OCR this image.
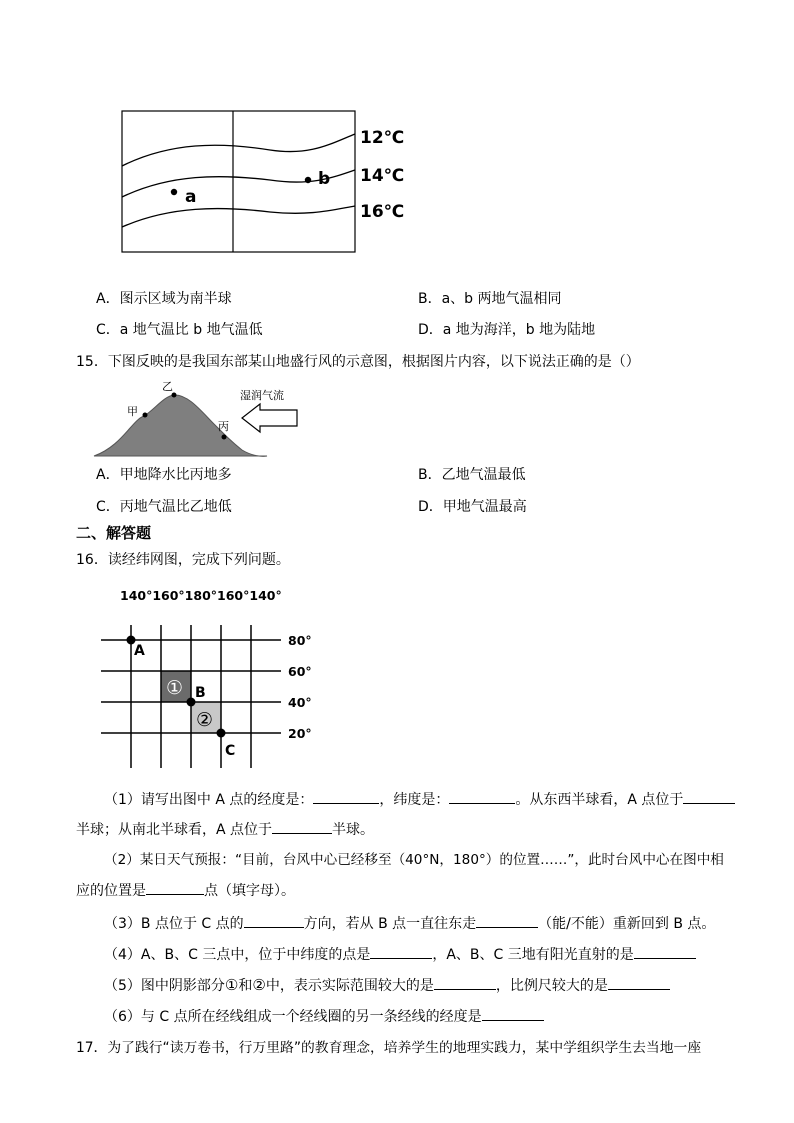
a
b
12℃
14℃
16℃
A．图示区域为南半球	B．a、b 两地气温相同
C．a 地气温比 b 地气温低	D．a 地为海洋，b 地为陆地
15．下图反映的是我国东部某山地盛行风的示意图，根据图片内容，以下说法正确的是（）
甲
乙
丙
湿润气流
A．甲地降水比丙地多	B．乙地气温最低
C．丙地气温比乙地低	D．甲地气温最高
二、解答题
16．读经纬网图，完成下列问题。
140°160°180°160°140°
80°
60°
40°
20°
A
B
C
①
②
（1）请写出图中 A 点的经度是：	，纬度是：	。从东西半球看，A 点位于
半球；从南北半球看，A 点位于	半球。
（2）某日天气预报：“目前，台风中心已经移至（40°N，180°）的位置……”，此时台风中心在图中相
应的位置是	点（填字母）。
（3）B 点位于 C 点的	方向，若从 B 点一直往东走	（能/不能）重新回到 B 点。
（4）A、B、C 三点中，位于中纬度的点是	，A、B、C 三地有阳光直射的是
（5）图中阴影部分①和②中，表示实际范围较大的是	，比例尺较大的是
（6）与 C 点所在经线组成一个经线圈的另一条经线的经度是
17．为了践行“读万卷书，行万里路”的教育理念，培养学生的地理实践力，某中学组织学生去当地一座
